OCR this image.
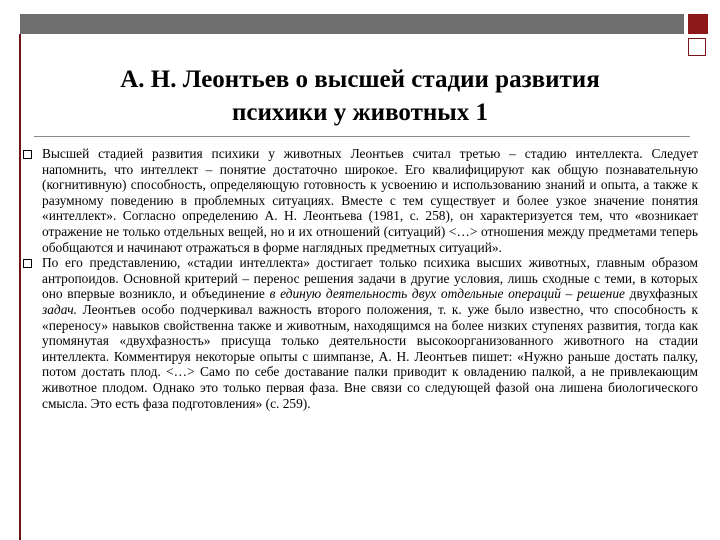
А. Н. Леонтьев о высшей стадии развития
психики у животных 1

Высшей стадией развития психики у животных Леонтьев считал третью – стадию интеллекта. Следует напомнить, что интеллект – понятие достаточно широкое. Его квалифицируют как общую познавательную (когнитивную) способность, определяющую готовность к усвоению и использованию знаний и опыта, а также к разумному поведению в проблемных ситуациях. Вместе с тем существует и более узкое значение понятия «интеллект». Согласно определению А. Н. Леонтьева (1981, с. 258), он характеризуется тем, что «возникает отражение не только отдельных вещей, но и их отношений (ситуаций) <…> отношения между предметами теперь обобщаются и начинают отражаться в форме наглядных предметных ситуаций».

По его представлению, «стадии интеллекта» достигает только психика высших животных, главным образом антропоидов. Основной критерий – перенос решения задачи в другие условия, лишь сходные с теми, в которых оно впервые возникло, и объединение в единую деятельность двух отдельные операций – решение двухфазных задач. Леонтьев особо подчеркивал важность второго положения, т. к. уже было известно, что способность к «переносу» навыков свойственна также и животным, находящимся на более низких ступенях развития, тогда как упомянутая «двухфазность» присуща только деятельности высокоорганизованного животного на стадии интеллекта. Комментируя некоторые опыты с шимпанзе, А. Н. Леонтьев пишет: «Нужно раньше достать палку, потом достать плод. <…> Само по себе доставание палки приводит к овладению палкой, а не привлекающим животное плодом. Однако это только первая фаза. Вне связи со следующей фазой она лишена биологического смысла. Это есть фаза подготовления» (с. 259).
